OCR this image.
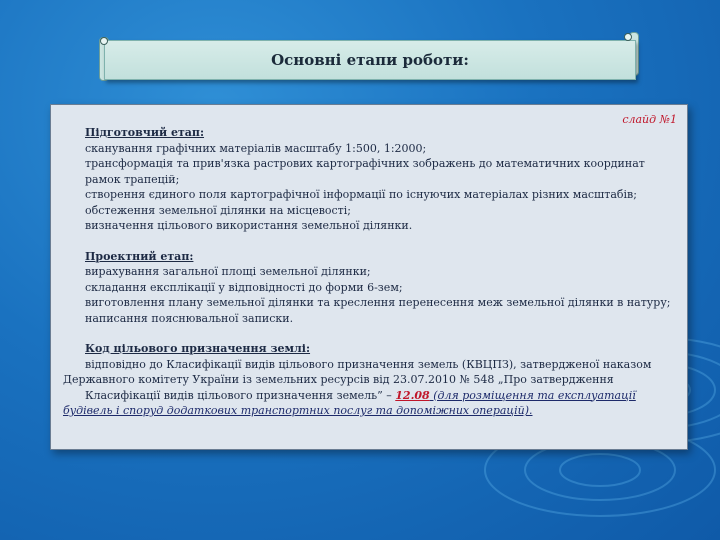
Основні етапи роботи:
слайд №1
Підготовчий етап:
сканування графічних матеріалів масштабу 1:500, 1:2000;
трансформація та прив'язка растрових картографічних зображень до математичних координат
рамок трапецій;
створення єдиного поля картографічної інформації по існуючих матеріалах різних масштабів;
обстеження земельної ділянки на місцевості;
визначення цільового використання земельної ділянки.
Проектний етап:
вирахування загальної площі земельної ділянки;
складання експлікації у відповідності до форми 6-зем;
виготовлення плану земельної ділянки та креслення перенесення меж земельної ділянки в натуру;
написання пояснювальної записки.
Код цільового призначення землі:
відповідно до Класифікації видів цільового призначення земель (КВЦПЗ), затвердженої наказом
Державного комітету України із земельних ресурсів від 23.07.2010 № 548 „Про затвердження
Класифікації видів цільового призначення земель” – 12.08 (для розміщення та експлуатації
будівель і споруд додаткових транспортних послуг та допоміжних операцій).
